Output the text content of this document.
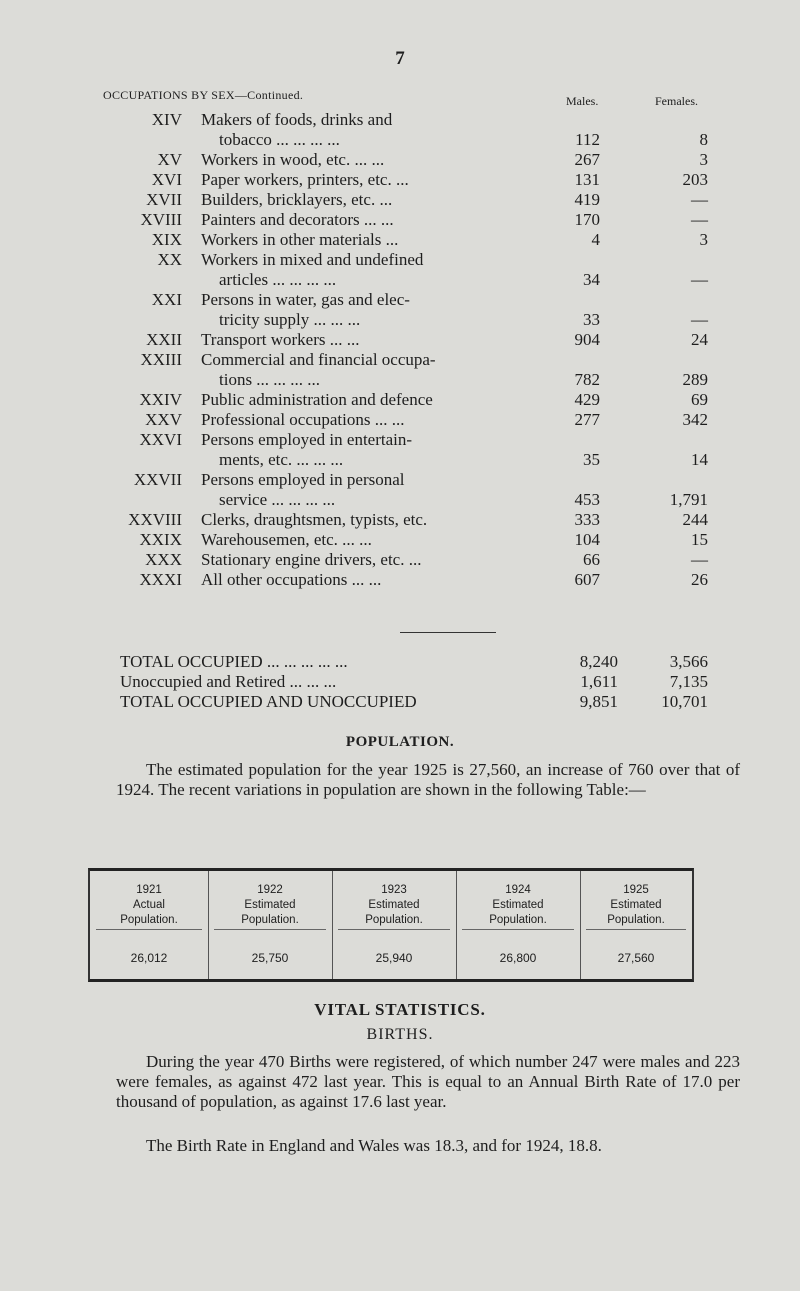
7
OCCUPATIONS BY SEX—Continued.	Males.	Females.
XIV Makers of foods, drinks and
tobacco ... ... ... ...	112	8
XV Workers in wood, etc. ... ...	267	3
XVI Paper workers, printers, etc. ...	131	203
XVII Builders, bricklayers, etc. ...	419	—
XVIII Painters and decorators ... ...	170	—
XIX Workers in other materials ...	4	3
XX Workers in mixed and undefined
articles ... ... ... ...	34	—
XXI Persons in water, gas and elec-
tricity supply ... ... ...	33	—
XXII Transport workers ... ...	904	24
XXIII Commercial and financial occupa-
tions ... ... ... ...	782	289
XXIV Public administration and defence	429	69
XXV Professional occupations ... ...	277	342
XXVI Persons employed in entertain-
ments, etc. ... ... ...	35	14
XXVII Persons employed in personal
service ... ... ... ...	453	1,791
XXVIII Clerks, draughtsmen, typists, etc.	333	244
XXIX Warehousemen, etc. ... ...	104	15
XXX Stationary engine drivers, etc. ...	66	—
XXXI All other occupations ... ...	607	26
TOTAL OCCUPIED ... ... ... ... ...	8,240	3,566
Unoccupied and Retired ... ... ...	1,611	7,135
TOTAL OCCUPIED AND UNOCCUPIED	9,851	10,701
POPULATION.

The estimated population for the year 1925 is 27,560, an increase of 760 over that of 1924. The recent variations in population are shown in the following Table:—

1921
Actual
Population.
26,012
1922
Estimated
Population.
25,750
1923
Estimated
Population.
25,940
1924
Estimated
Population.
26,800
1925
Estimated
Population.
27,560
VITAL STATISTICS.
BIRTHS.

During the year 470 Births were registered, of which number 247 were males and 223 were females, as against 472 last year. This is equal to an Annual Birth Rate of 17.0 per thousand of population, as against 17.6 last year.

The Birth Rate in England and Wales was 18.3, and for 1924, 18.8.
